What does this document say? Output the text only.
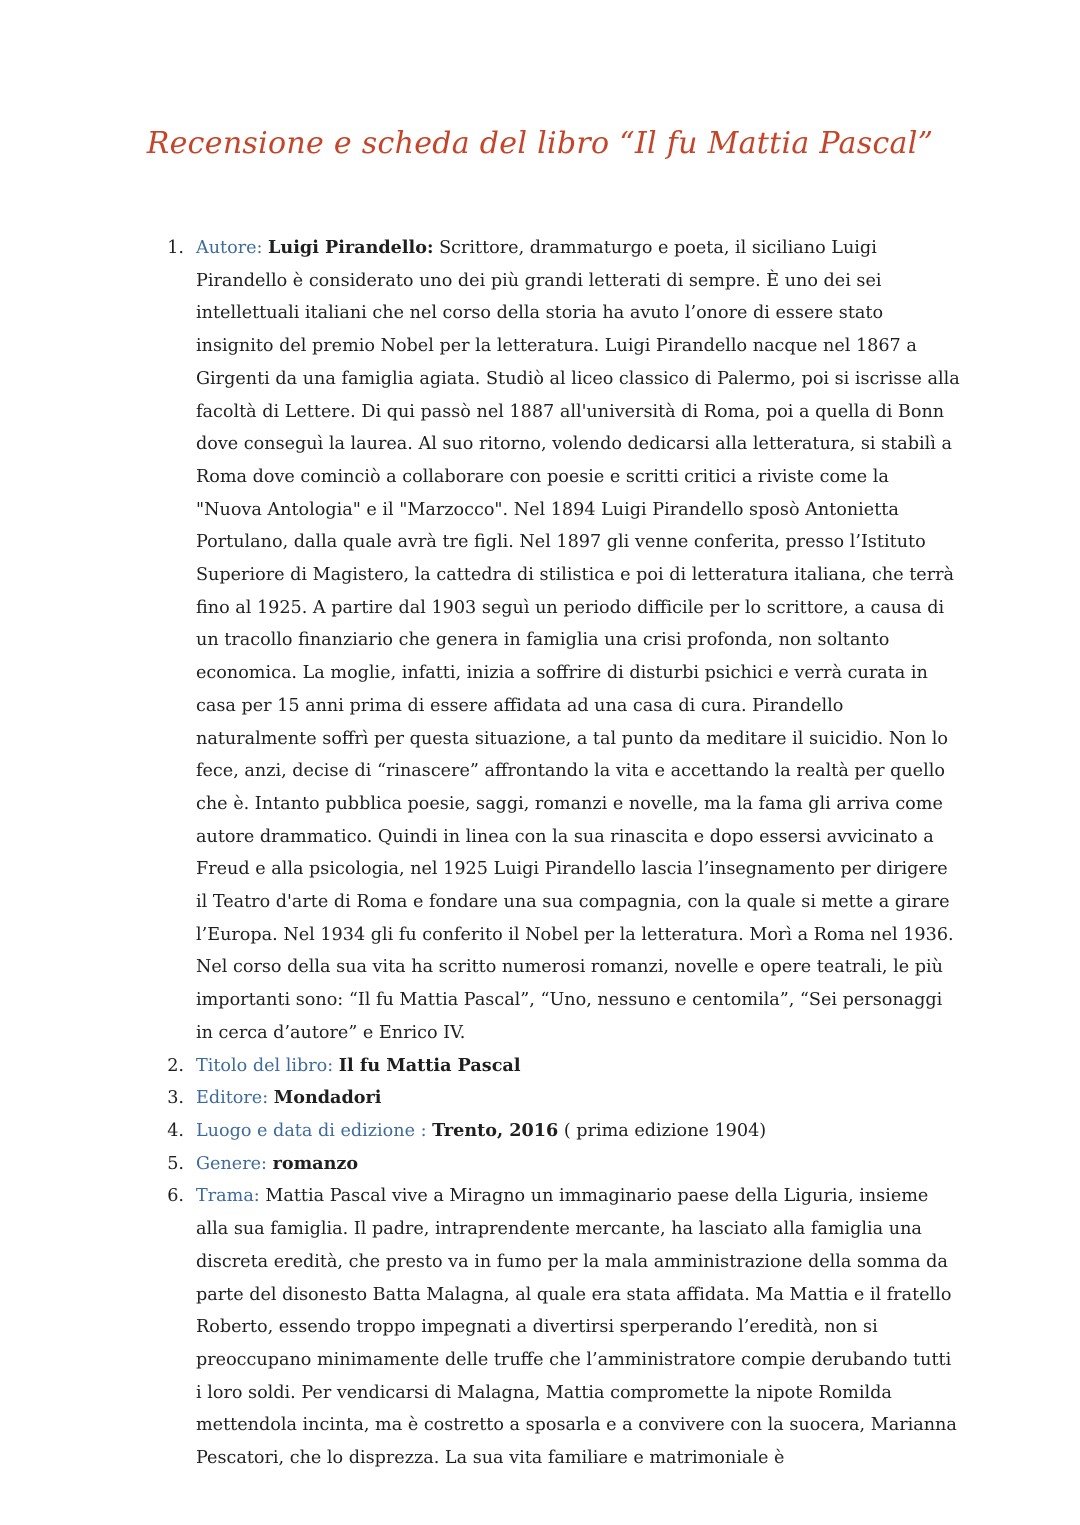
Recensione e scheda del libro “Il fu Mattia Pascal”
1. Autore: Luigi Pirandello: Scrittore, drammaturgo e poeta, il siciliano Luigi Pirandello è considerato uno dei più grandi letterati di sempre. È uno dei sei intellettuali italiani che nel corso della storia ha avuto l’onore di essere stato insignito del premio Nobel per la letteratura. Luigi Pirandello nacque nel 1867 a Girgenti da una famiglia agiata. Studiò al liceo classico di Palermo, poi si iscrisse alla facoltà di Lettere. Di qui passò nel 1887 all'università di Roma, poi a quella di Bonn dove conseguì la laurea. Al suo ritorno, volendo dedicarsi alla letteratura, si stabilì a Roma dove cominciò a collaborare con poesie e scritti critici a riviste come la "Nuova Antologia" e il "Marzocco". Nel 1894 Luigi Pirandello sposò Antonietta Portulano, dalla quale avrà tre figli. Nel 1897 gli venne conferita, presso l’Istituto Superiore di Magistero, la cattedra di stilistica e poi di letteratura italiana, che terrà fino al 1925. A partire dal 1903 seguì un periodo difficile per lo scrittore, a causa di un tracollo finanziario che genera in famiglia una crisi profonda, non soltanto economica. La moglie, infatti, inizia a soffrire di disturbi psichici e verrà curata in casa per 15 anni prima di essere affidata ad una casa di cura. Pirandello naturalmente soffrì per questa situazione, a tal punto da meditare il suicidio. Non lo fece, anzi, decise di “rinascere” affrontando la vita e accettando la realtà per quello che è. Intanto pubblica poesie, saggi, romanzi e novelle, ma la fama gli arriva come autore drammatico. Quindi in linea con la sua rinascita e dopo essersi avvicinato a Freud e alla psicologia, nel 1925 Luigi Pirandello lascia l’insegnamento per dirigere il Teatro d'arte di Roma e fondare una sua compagnia, con la quale si mette a girare l’Europa. Nel 1934 gli fu conferito il Nobel per la letteratura. Morì a Roma nel 1936. Nel corso della sua vita ha scritto numerosi romanzi, novelle e opere teatrali, le più importanti sono: “Il fu Mattia Pascal”, “Uno, nessuno e centomila”, “Sei personaggi in cerca d’autore” e Enrico IV.
2. Titolo del libro: Il fu Mattia Pascal
3. Editore: Mondadori
4. Luogo e data di edizione : Trento, 2016 ( prima edizione 1904)
5. Genere: romanzo
6. Trama: Mattia Pascal vive a Miragno un immaginario paese della Liguria, insieme alla sua famiglia. Il padre, intraprendente mercante, ha lasciato alla famiglia una discreta eredità, che presto va in fumo per la mala amministrazione della somma da parte del disonesto Batta Malagna, al quale era stata affidata. Ma Mattia e il fratello Roberto, essendo troppo impegnati a divertirsi sperperando l’eredità, non si preoccupano minimamente delle truffe che l’amministratore compie derubando tutti i loro soldi. Per vendicarsi di Malagna, Mattia compromette la nipote Romilda mettendola incinta, ma è costretto a sposarla e a convivere con la suocera, Marianna Pescatori, che lo disprezza. La sua vita familiare e matrimoniale è
